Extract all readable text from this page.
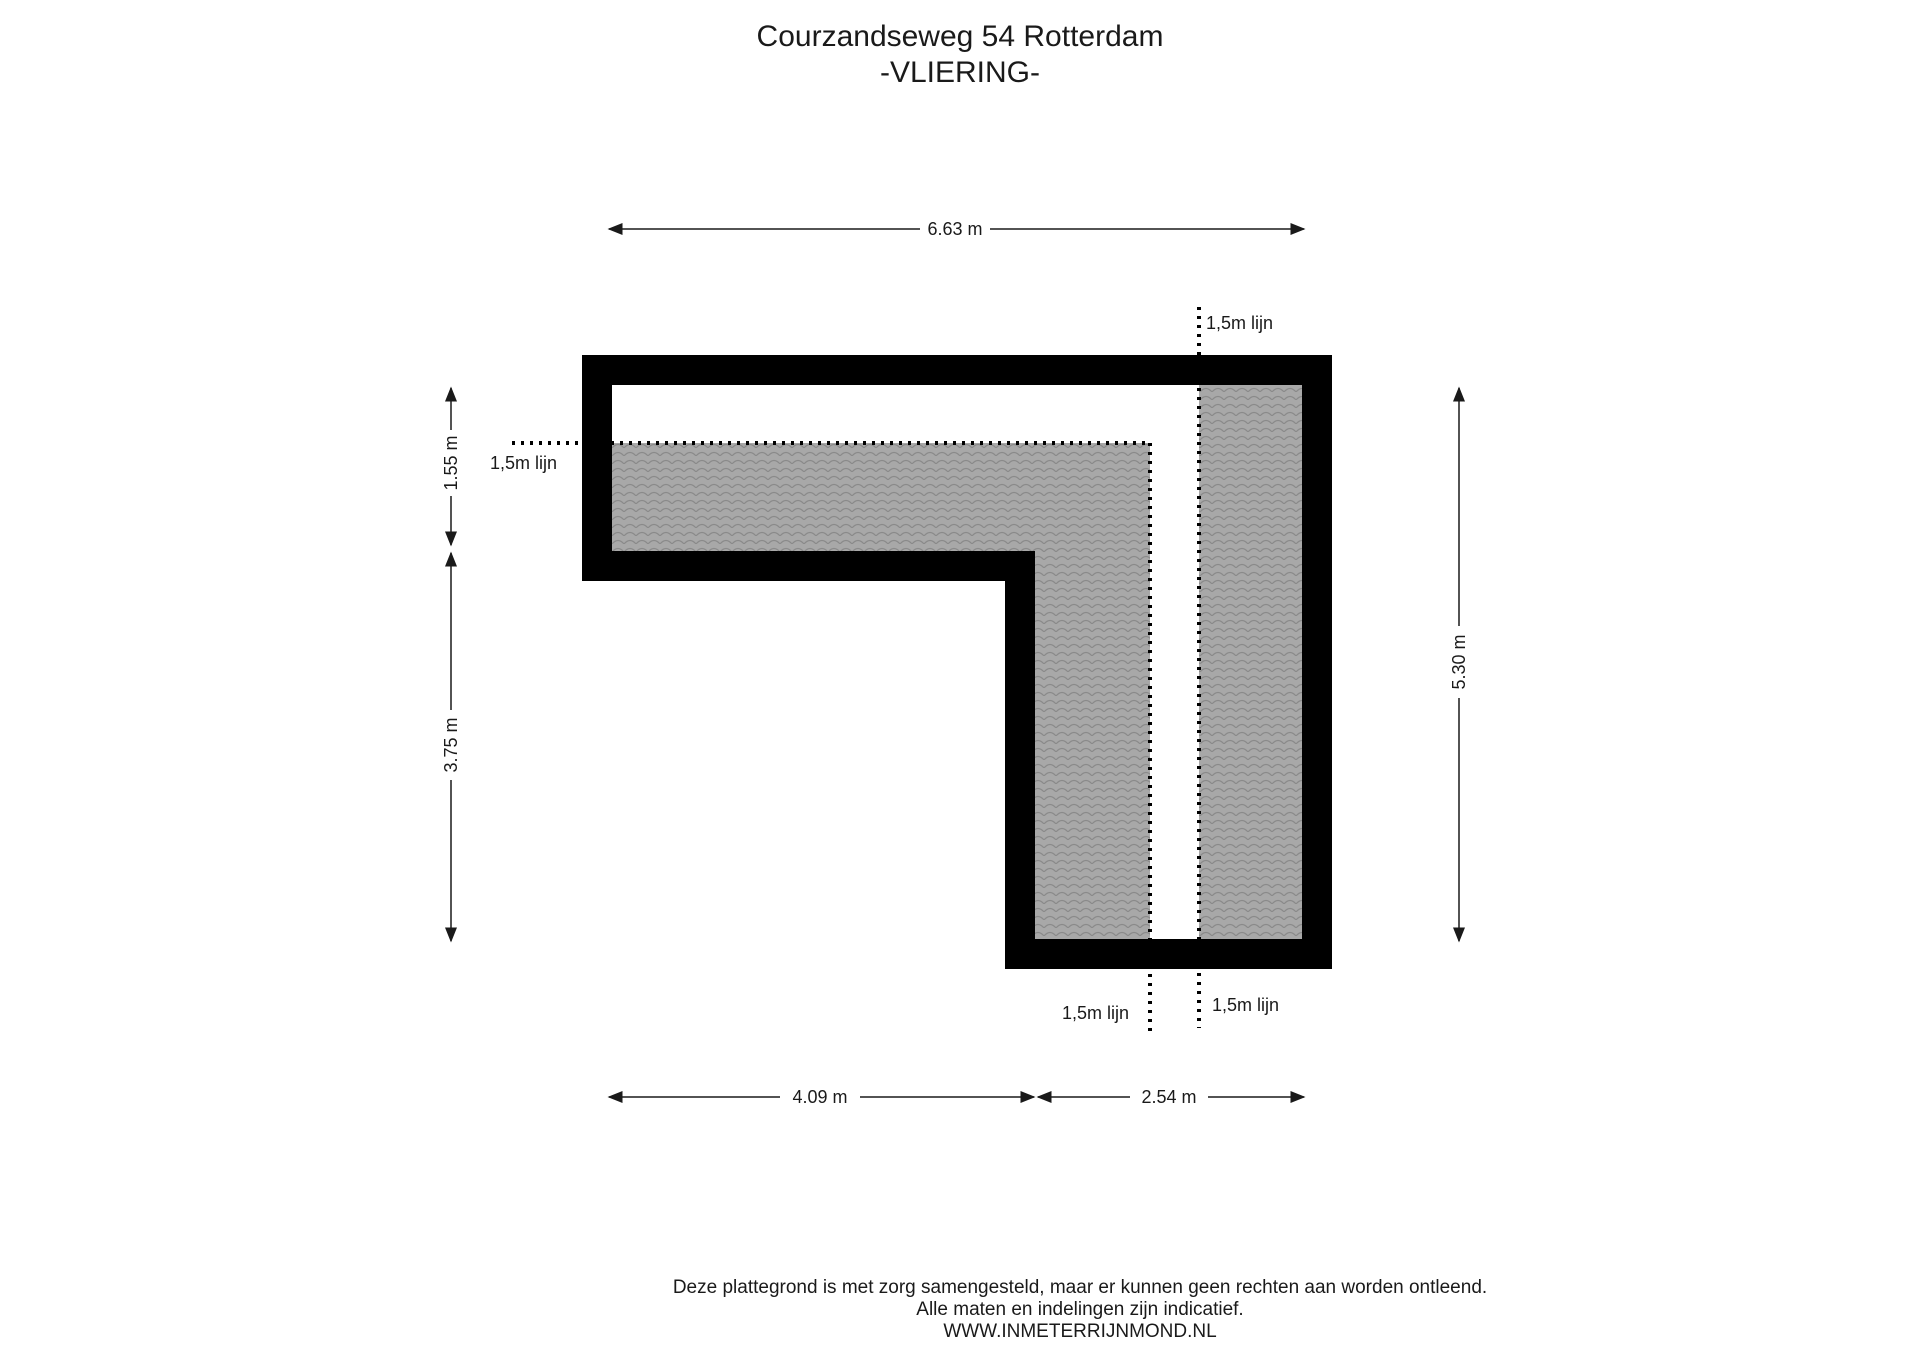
Courzandseweg 54 Rotterdam
-VLIERING-
1,5m lijn
1,5m lijn
1,5m lijn	1,5m lijn
6.63 m
1.55 m
3.75 m
5.30 m
4.09 m	2.54 m
Deze plattegrond is met zorg samengesteld, maar er kunnen geen rechten aan worden ontleend.
Alle maten en indelingen zijn indicatief.
WWW.INMETERRIJNMOND.NL
